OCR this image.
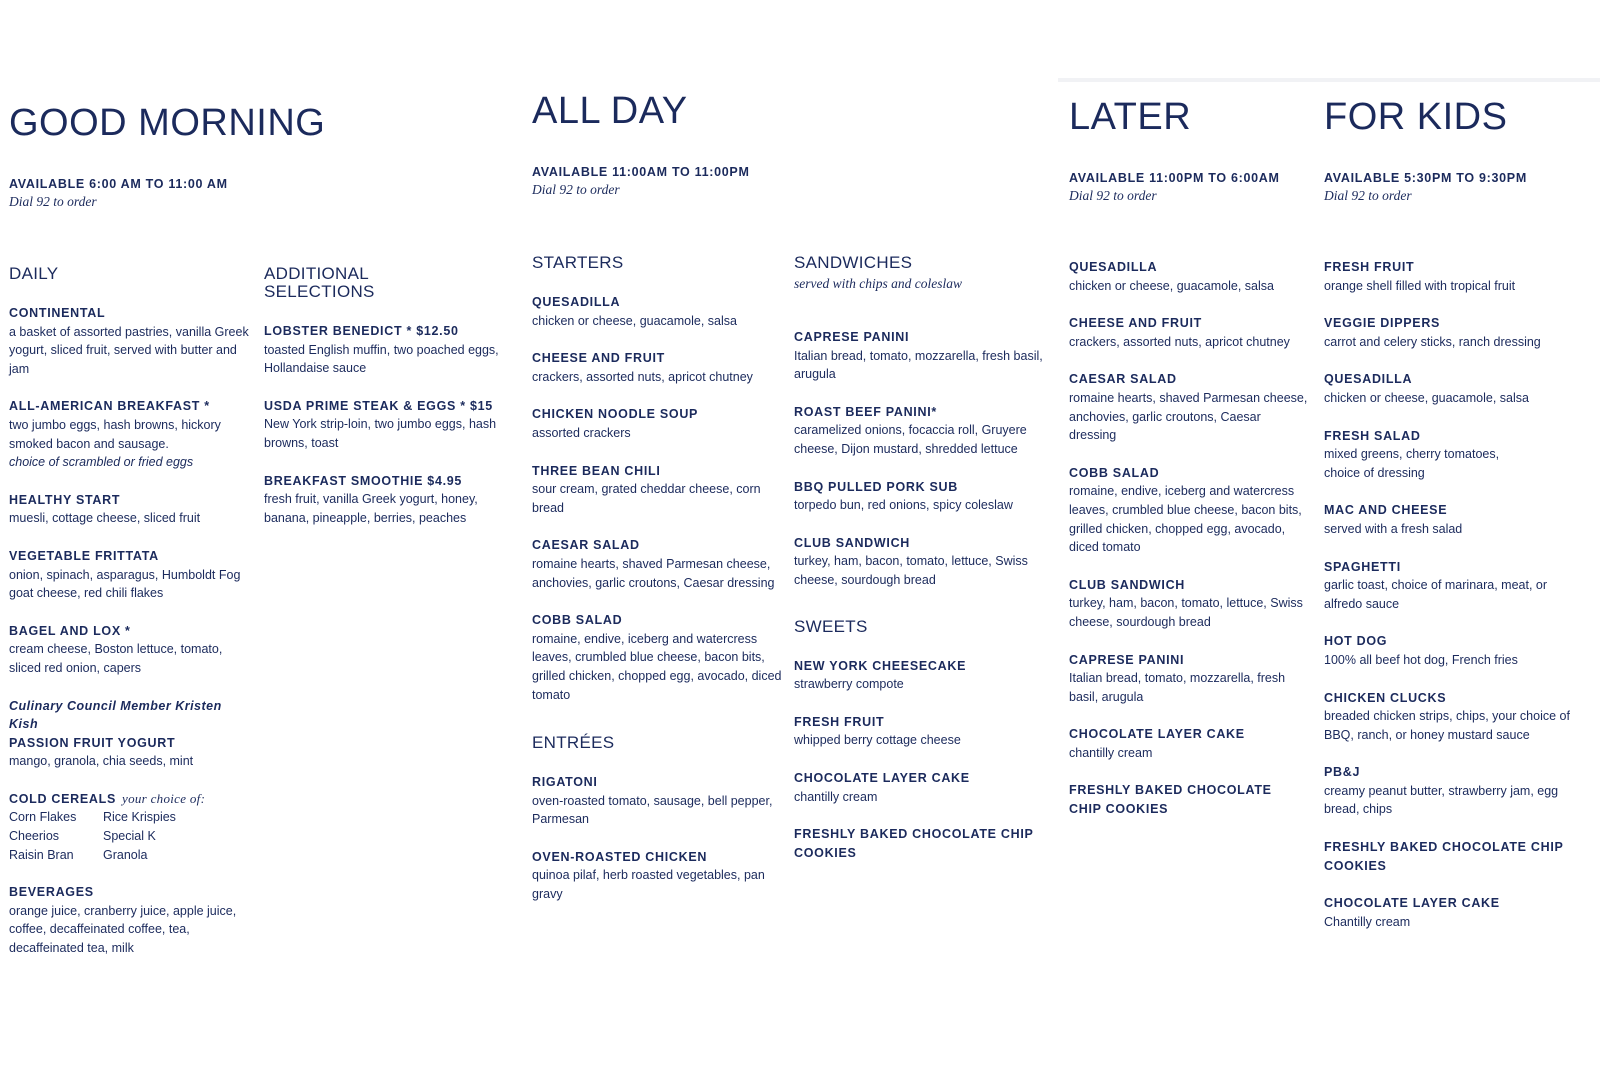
GOOD MORNING
AVAILABLE 6:00 AM TO 11:00 AM
Dial 92 to order
DAILY
CONTINENTAL
a basket of assorted pastries, vanilla Greek yogurt, sliced fruit, served with butter and jam
ALL-AMERICAN BREAKFAST *
two jumbo eggs, hash browns, hickory smoked bacon and sausage.
choice of scrambled or fried eggs
HEALTHY START
muesli, cottage cheese, sliced fruit
VEGETABLE FRITTATA
onion, spinach, asparagus, Humboldt Fog goat cheese, red chili flakes
BAGEL AND LOX *
cream cheese, Boston lettuce, tomato, sliced red onion, capers
Culinary Council Member Kristen Kish
PASSION FRUIT YOGURT
mango, granola, chia seeds, mint
COLD CEREALS your choice of:
Corn Flakes	Rice Krispies
Cheerios	Special K
Raisin Bran	Granola
BEVERAGES
orange juice, cranberry juice, apple juice, coffee, decaffeinated coffee, tea, decaffeinated tea, milk
ADDITIONAL SELECTIONS
LOBSTER BENEDICT * $12.50
toasted English muffin, two poached eggs, Hollandaise sauce
USDA PRIME STEAK & EGGS * $15
New York strip-loin, two jumbo eggs, hash browns, toast
BREAKFAST SMOOTHIE $4.95
fresh fruit, vanilla Greek yogurt, honey, banana, pineapple, berries, peaches
ALL DAY
AVAILABLE 11:00AM TO 11:00PM
Dial 92 to order
STARTERS
QUESADILLA
chicken or cheese, guacamole, salsa
CHEESE AND FRUIT
crackers, assorted nuts, apricot chutney
CHICKEN NOODLE SOUP
assorted crackers
THREE BEAN CHILI
sour cream, grated cheddar cheese, corn bread
CAESAR SALAD
romaine hearts, shaved Parmesan cheese, anchovies, garlic croutons, Caesar dressing
COBB SALAD
romaine, endive, iceberg and watercress leaves, crumbled blue cheese, bacon bits, grilled chicken, chopped egg, avocado, diced tomato
ENTRÉES
RIGATONI
oven-roasted tomato, sausage, bell pepper, Parmesan
OVEN-ROASTED CHICKEN
quinoa pilaf, herb roasted vegetables, pan gravy
SANDWICHES
served with chips and coleslaw
CAPRESE PANINI
Italian bread, tomato, mozzarella, fresh basil, arugula
ROAST BEEF PANINI*
caramelized onions, focaccia roll, Gruyere cheese, Dijon mustard, shredded lettuce
BBQ PULLED PORK SUB
torpedo bun, red onions, spicy coleslaw
CLUB SANDWICH
turkey, ham, bacon, tomato, lettuce, Swiss cheese, sourdough bread
SWEETS
NEW YORK CHEESECAKE
strawberry compote
FRESH FRUIT
whipped berry cottage cheese
CHOCOLATE LAYER CAKE
chantilly cream
FRESHLY BAKED CHOCOLATE CHIP COOKIES
LATER
AVAILABLE 11:00PM TO 6:00AM
Dial 92 to order
QUESADILLA
chicken or cheese, guacamole, salsa
CHEESE AND FRUIT
crackers, assorted nuts, apricot chutney
CAESAR SALAD
romaine hearts, shaved Parmesan cheese, anchovies, garlic croutons, Caesar dressing
COBB SALAD
romaine, endive, iceberg and watercress leaves, crumbled blue cheese, bacon bits, grilled chicken, chopped egg, avocado, diced tomato
CLUB SANDWICH
turkey, ham, bacon, tomato, lettuce, Swiss cheese, sourdough bread
CAPRESE PANINI
Italian bread, tomato, mozzarella, fresh basil, arugula
CHOCOLATE LAYER CAKE
chantilly cream
FRESHLY BAKED CHOCOLATE CHIP COOKIES
FOR KIDS
AVAILABLE 5:30PM TO 9:30PM
Dial 92 to order
FRESH FRUIT
orange shell filled with tropical fruit
VEGGIE DIPPERS
carrot and celery sticks, ranch dressing
QUESADILLA
chicken or cheese, guacamole, salsa
FRESH SALAD
mixed greens, cherry tomatoes, choice of dressing
MAC AND CHEESE
served with a fresh salad
SPAGHETTI
garlic toast, choice of marinara, meat, or alfredo sauce
HOT DOG
100% all beef hot dog, French fries
CHICKEN CLUCKS
breaded chicken strips, chips, your choice of BBQ, ranch, or honey mustard sauce
PB&J
creamy peanut butter, strawberry jam, egg bread, chips
FRESHLY BAKED CHOCOLATE CHIP COOKIES
CHOCOLATE LAYER CAKE
Chantilly cream
